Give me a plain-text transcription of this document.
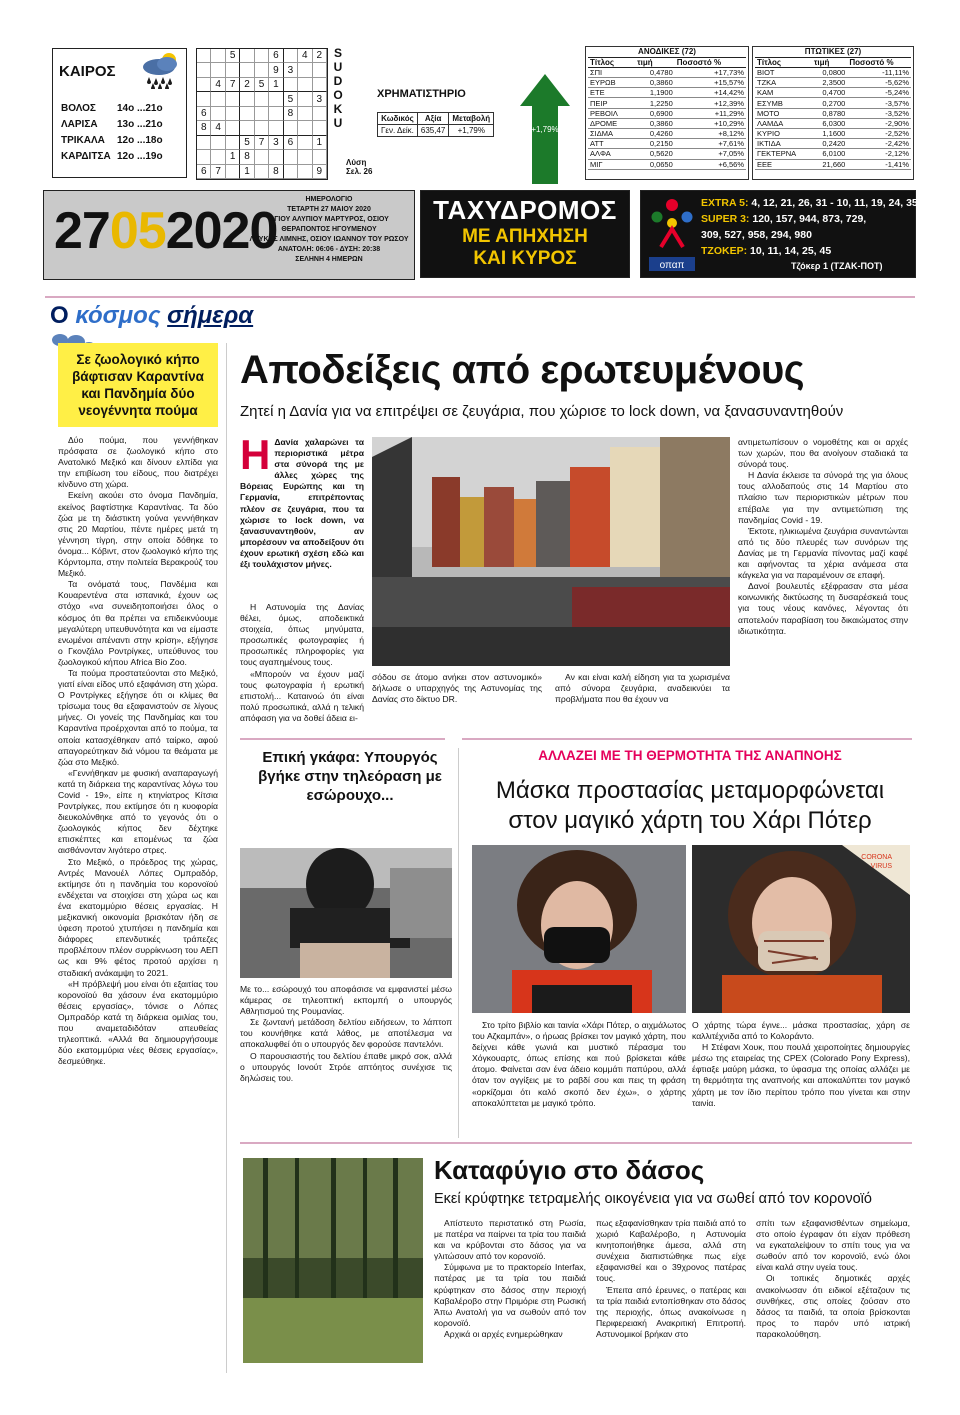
ΚΑΙΡΟΣ
ΒΟΛΟΣ 14ο ...21ο
ΛΑΡΙΣΑ 13ο ...21ο
ΤΡΙΚΑΛΑ 12ο ...18ο
ΚΑΡΔΙΤΣΑ 12ο ...19ο
5	6	4 2
9 3
4 7 2 5 1
5	3
6	8
8 4
5 7 3 6	1
1 8
6 7	1	8	9
SUDOKU
Λύση
Σελ. 26
ΧΡΗΜΑΤΙΣΤΗΡΙΟ
Κωδικός	Αξία	Μεταβολή
Γεν. Δείκ.	635,47	+1,79%	+1,79%
ΑΝΟΔΙΚΕΣ (72)		
Τίτλος	τιμή	Ποσοστό %
ΣΠΙ	0,4780	+17,73%
ΕΥΡΩΒ	0,3860	+15,57%
ΕΤΕ	1,1900	+14,42%
ΠΕΙΡ	1,2250	+12,39%
ΡΕΒΟΙΛ	0,6900	+11,29%
ΔΡΟΜΕ	0,3860	+10,29%
ΣΙΔΜΑ	0,4260	+8,12%
ΑΤΤ	0,2150	+7,61%
ΑΛΦΑ	0,5620	+7,05%
ΜΙΓ	0,0650	+6,56%
ΠΤΩΤΙΚΕΣ (27)		
Τίτλος	τιμή	Ποσοστό %
ΒΙΟΤ	0,0800	-11,11%
ΤΖΚΑ	2,3500	-5,62%
ΚΑΜ	0,4700	-5,24%
ΕΣΥΜΒ	0,2700	-3,57%
ΜΟΤΟ	0,8780	-3,52%
ΛΑΜΔΑ	6,0300	-2,90%
ΚΥΡΙΟ	1,1600	-2,52%
ΙΚΤΙΔΑ	0,2420	-2,42%
ΓΕΚΤΕΡΝΑ	6,0100	-2,12%
ΕΕΕ	21,660	-1,41%
27052020
ΗΜΕΡΟΛΟΓΙΟ
ΤΕΤΑΡΤΗ 27 ΜΑΙΟΥ 2020
ΑΓΙΟΥ ΑΛΥΠΙΟΥ ΜΑΡΤΥΡΟΣ, ΟΣΙΟΥ ΘΕΡΑΠΟΝΤΟΣ ΗΓΟΥΜΕΝΟΥ
ΛΕΥΚΗΣ ΛΙΜΝΗΣ, ΟΣΙΟΥ ΙΩΑΝΝΟΥ ΤΟΥ ΡΩΣΟΥ
ΑΝΑΤΟΛΗ: 06:06 - ΔΥΣΗ: 20:38
ΣΕΛΗΝΗ 4 ΗΜΕΡΩΝ
ΤΑΧΥΔΡΟΜΟΣ
ΜΕ ΑΠΗΧΗΣΗ
ΚΑΙ ΚΥΡΟΣ	οπαπ
EXTRA 5: 4, 12, 21, 26, 31 - 10, 11, 19, 24, 35
SUPER 3: 120, 157, 944, 873, 729,
309, 527, 958, 294, 980
ΤΖΟΚΕΡ: 10, 11, 14, 25, 45
Τζόκερ 1 (ΤΖΑΚ-ΠΟΤ)
Ο κόσμος σήμερα
Σε ζωολογικό κήπο βάφτισαν Καραντίνα και Πανδημία δύο νεογέννητα πούμα

Δύο πούμα, που γεννήθηκαν πρόσφατα σε ζωολογικό κήπο στο Ανατολικό Μεξικό και δίνουν ελπίδα για την επιβίωση του είδους, που διατρέχει κίνδυνο στη χώρα.

Εκείνη ακούει στο όνομα Πανδημία, εκείνος βαφτίστηκε Καραντίνας. Τα δύο ζώα με τη διάστικτη γούνα γεννήθηκαν στις 20 Μαρτίου, πέντε ημέρες μετά τη γέννηση τίγρη, στην οποία δόθηκε το όνομα... Κόβιντ, στον ζωολογικό κήπο της Κόρντομπα, στην πολιτεία Βερακρούζ του Μεξικό.

Τα ονόματά τους, Πανδέμια και Κουαρεντένα στα ισπανικά, έχουν ως στόχο «να συνειδητοποιήσει όλος ο κόσμος ότι θα πρέπει να επιδεικνύουμε μεγαλύτερη υπευθυνότητα και να είμαστε ενωμένοι απέναντι στην κρίση», εξήγησε ο Γκονζάλο Ροντρίγκες, υπεύθυνος του ζωολογικού κήπου Africa Bio Zoo.

Τα πούμα προστατεύονται στο Μεξικό, γιατί είναι είδος υπό εξαφάνιση στη χώρα. Ο Ροντρίγκες εξήγησε ότι οι κλίμες θα τρίσωμα τους θα εξαφανιστούν σε λίγους μήνες. Οι γονείς της Πανδημίας και του Καραντίνα προέρχονται από το πούμα, τα οποία κατασχέθηκαν από ταίρκο, αφού απαγορεύτηκαν διά νόμου τα θεάματα με ζώα στο Μεξικό.

«Γεννήθηκαν με φυσική αναπαραγωγή κατά τη διάρκεια της καραντίνας λόγω του Covid - 19», είπε η κτηνίατρος Κίτσια Ροντρίγκες, που εκτίμησε ότι η κυοφορία διευκολύνθηκε από το γεγονός ότι ο ζωολογικός κήπος δεν δέχτηκε επισκέπτες και επομένως τα ζώα αισθάνονταν λιγότερο στρες.

Στο Μεξικό, ο πρόεδρος της χώρας, Αντρές Μανουέλ Λόπες Ομπραδόρ, εκτίμησε ότι η πανδημία του κορονοϊού ενδέχεται να στοιχίσει στη χώρα ως και ένα εκατομμύριο θέσεις εργασίας. Η μεξικανική οικονομία βρισκόταν ήδη σε ύφεση προτού χτυπήσει η πανδημία και διάφορες επενδυτικές τράπεζες προβλέπουν πλέον συρρίκνωση του ΑΕΠ ως και 9% φέτος προτού αρχίσει η σταδιακή ανάκαμψη το 2021.

«Η πρόβλεψή μου είναι ότι εξαιτίας του κορονοϊού θα χάσουν ένα εκατομμύριο θέσεις εργασίας», τόνισε ο Λόπες Ομπραδόρ κατά τη διάρκεια ομιλίας του, που αναμεταδιδόταν απευθείας τηλεοπτικά. «Αλλά θα δημιουργήσουμε δύο εκατομμύρια νέες θέσεις εργασίας», δεσμεύθηκε.

Αποδείξεις από ερωτευμένους
Ζητεί η Δανία για να επιτρέψει σε ζευγάρια, που χώρισε το lock down, να ξανασυναντηθούν
Η Δανία χαλαρώνει τα περιοριστικά μέτρα στα σύνορά της με άλλες χώρες της Βόρειας Ευρώπης και τη Γερμανία, επιτρέποντας πλέον σε ζευγάρια, που τα χώρισε το lock down, να ξανασυναντηθούν, αν μπορέσουν να αποδείξουν ότι έχουν ερωτική σχέση εδώ και έξι τουλάχιστον μήνες.

Η Αστυνομία της Δανίας θέλει, όμως, αποδεικτικά στοιχεία, όπως μηνύματα, προσωπικές φωτογραφίες ή προσωπικές πληροφορίες για τους αγαπημένους τους.

«Μπορούν να έχουν μαζί τους φωτογραφία ή ερωτική επιστολή... Καταινοώ ότι είναι πολύ προσωπικά, αλλά η τελική απόφαση για να δοθεί άδεια ει-

σόδου σε άτομο ανήκει στον αστυνομικό» δήλωσε ο υπαρχηγός της Αστυνομίας της Δανίας στο δίκτυο DR.

Αν και είναι καλή είδηση για τα χωρισμένα από σύνορα ζευγάρια, αναδεικνύει τα προβλήματα που θα έχουν να

αντιμετωπίσουν ο νομοθέτης και οι αρχές των χωρών, που θα ανοίγουν σταδιακά τα σύνορά τους.

Η Δανία έκλεισε τα σύνορά της για όλους τους αλλοδαπούς στις 14 Μαρτίου στο πλαίσιο των περιοριστικών μέτρων που επέβαλε για την αντιμετώπιση της πανδημίας Covid - 19.

Έκτοτε, ηλικιωμένα ζευγάρια συναντώνται από τις δύο πλευρές των συνόρων της Δανίας με τη Γερμανία πίνοντας μαζί καφέ και αφήνοντας τα χέρια ανάμεσα στα κάγκελα για να παραμένουν σε επαφή.

Δανοί βουλευτές εξέφρασαν στα μέσα κοινωνικής δικτύωσης τη δυσαρέσκειά τους για τους νέους κανόνες, λέγοντας ότι αποτελούν παραβίαση του δικαιώματος στην ιδιωτικότητα.

Επική γκάφα: Υπουργός βγήκε στην τηλεόραση με εσώρουχο...

Με το... εσώρουχό του αποφάσισε να εμφανιστεί μέσω κάμερας σε τηλεοπτική εκπομπή ο υπουργός Αθλητισμού της Ρουμανίας.

Σε ζωντανή μετάδοση δελτίου ειδήσεων, το λάπτοπ του κουνήθηκε κατά λάθος, με αποτέλεσμα να αποκαλυφθεί ότι ο υπουργός δεν φορούσε παντελόνι.

Ο παρουσιαστής του δελτίου έπαθε μικρό σοκ, αλλά ο υπουργός Ιονούτ Στρόε απτόητος συνέχισε τις δηλώσεις του.

ΑΛΛΑΖΕΙ ΜΕ ΤΗ ΘΕΡΜΟΤΗΤΑ ΤΗΣ ΑΝΑΠΝΟΗΣ
Μάσκα προστασίας μεταμορφώνεται
στον μαγικό χάρτη του Χάρι Πότερ
CORONA
VIRUS

Στο τρίτο βιβλίο και ταινία «Χάρι Πότερ, ο αιχμάλωτος του Αζκαμπάν», ο ήρωας βρίσκει τον μαγικό χάρτη, που δείχνει κάθε γωνιά και μυστικό πέρασμα του Χόγκουαρτς, όπως επίσης και πού βρίσκεται κάθε άτομο. Φαίνεται σαν ένα άδειο κομμάτι παπύρου, αλλά όταν τον αγγίξεις με το ραβδί σου και πεις τη φράση «ορκίζομαι ότι καλό σκοπό δεν έχω», ο χάρτης αποκαλύπτεται με μαγικό τρόπο.

Ο χάρτης τώρα έγινε... μάσκα προστασίας, χάρη σε καλλιτέχνιδα από το Κολοράντο.

Η Στέφανι Χουκ, που πουλά χειροποίητες δημιουργίες μέσω της εταιρείας της CPEX (Colorado Pony Express), έφτιαξε μαύρη μάσκα, το ύφασμα της οποίας αλλάζει με τη θερμότητα της αναπνοής και αποκαλύπτει τον μαγικό χάρτη με τον ίδιο περίπου τρόπο που γίνεται και στην ταινία.

Καταφύγιο στο δάσος
Εκεί κρύφτηκε τετραμελής οικογένεια για να σωθεί από τον κορονοϊό

Απίστευτο περιστατικό στη Ρωσία, με πατέρα να παίρνει τα τρία του παιδιά και να κρύβονται στο δάσος για να γλιτώσουν από τον κορονοϊό.

Σύμφωνα με το πρακτορείο Interfax, πατέρας με τα τρία του παιδιά κρύφτηκαν στο δάσος στην περιοχή Καβαλέροβο στην Πριμόριε στη Ρωσική Άπω Ανατολή για να σωθούν από τον κορονοϊό.

Αρχικά οι αρχές ενημερώθηκαν

πως εξαφανίσθηκαν τρία παιδιά από το χωριό Καβαλέροβο, η Αστυνομία κινητοποιήθηκε άμεσα, αλλά στη συνέχεια διαπιστώθηκε πως είχε εξαφανισθεί και ο 39χρονος πατέρας τους.

Έπειτα από έρευνες, ο πατέρας και τα τρία παιδιά εντοπίσθηκαν στο δάσος της περιοχής, όπως ανακοίνωσε η Περιφερειακή Ανακριτική Επιτροπή. Αστυνομικοί βρήκαν στο

σπίτι των εξαφανισθέντων σημείωμα, στο οποίο έγραφαν ότι είχαν πρόθεση να εγκαταλείψουν το σπίτι τους για να σωθούν από τον κορονοϊό, ενώ όλοι είναι καλά στην υγεία τους.

Οι τοπικές δημοτικές αρχές ανακοίνωσαν ότι ειδικοί εξέταζουν τις συνθήκες, στις οποίες ζούσαν στο δάσος τα παιδιά, τα οποία βρίσκονται προς το παρόν υπό ιατρική παρακολούθηση.
